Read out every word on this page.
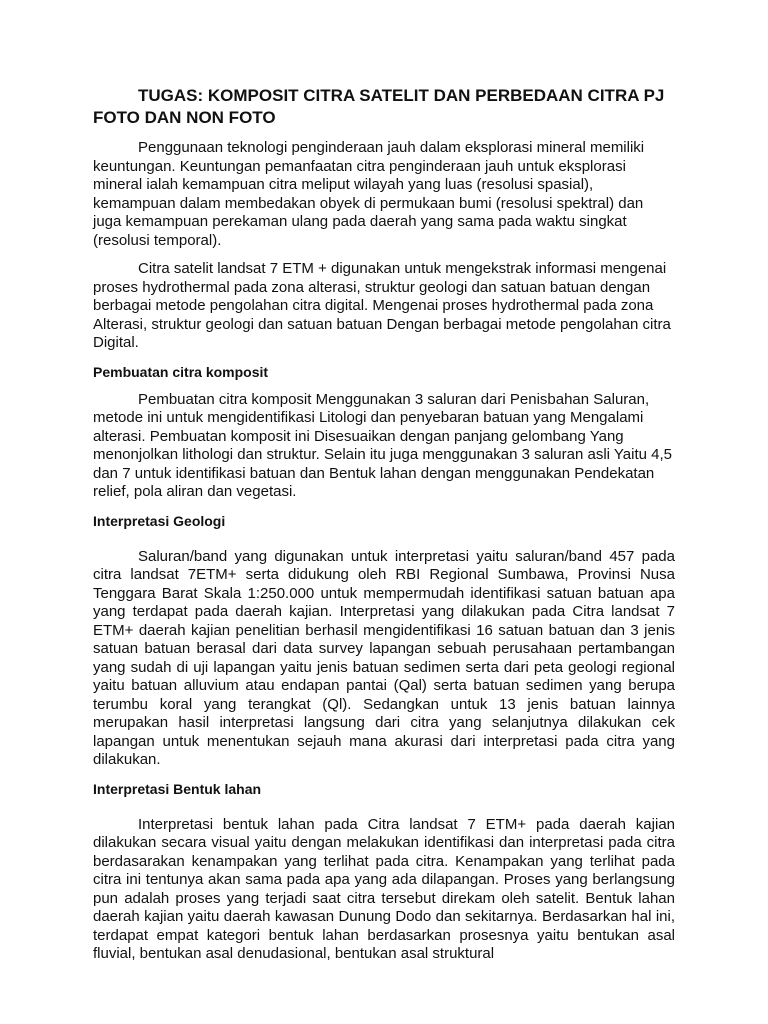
TUGAS: KOMPOSIT CITRA SATELIT DAN PERBEDAAN CITRA PJ FOTO DAN NON FOTO

Penggunaan teknologi penginderaan jauh dalam eksplorasi mineral memiliki keuntungan. Keuntungan pemanfaatan citra penginderaan jauh untuk eksplorasi mineral ialah kemampuan citra meliput wilayah yang luas (resolusi spasial), kemampuan dalam membedakan obyek di permukaan bumi (resolusi spektral) dan juga kemampuan perekaman ulang pada daerah yang sama pada waktu singkat (resolusi temporal).

Citra satelit landsat 7 ETM + digunakan untuk mengekstrak informasi mengenai proses hydrothermal pada zona alterasi, struktur geologi dan satuan batuan dengan berbagai metode pengolahan citra digital. Mengenai proses hydrothermal pada zona Alterasi, struktur geologi dan satuan batuan Dengan berbagai metode pengolahan citra Digital.

Pembuatan citra komposit

Pembuatan citra komposit Menggunakan 3 saluran dari Penisbahan Saluran, metode ini untuk mengidentifikasi Litologi dan penyebaran batuan yang Mengalami alterasi. Pembuatan komposit ini Disesuaikan dengan panjang gelombang Yang menonjolkan lithologi dan struktur. Selain itu juga menggunakan 3 saluran asli Yaitu 4,5 dan 7 untuk identifikasi batuan dan Bentuk lahan dengan menggunakan Pendekatan relief, pola aliran dan vegetasi.

Interpretasi Geologi

Saluran/band yang digunakan untuk interpretasi yaitu saluran/band 457 pada citra landsat 7ETM+ serta didukung oleh RBI Regional Sumbawa, Provinsi Nusa Tenggara Barat Skala 1:250.000 untuk mempermudah identifikasi satuan batuan apa yang terdapat pada daerah kajian. Interpretasi yang dilakukan pada Citra landsat 7 ETM+ daerah kajian penelitian berhasil mengidentifikasi 16 satuan batuan dan 3 jenis satuan batuan berasal dari data survey lapangan sebuah perusahaan pertambangan yang sudah di uji lapangan yaitu jenis batuan sedimen serta dari peta geologi regional yaitu batuan alluvium atau endapan pantai (Qal) serta batuan sedimen yang berupa terumbu koral yang terangkat (Ql). Sedangkan untuk 13 jenis batuan lainnya merupakan hasil interpretasi langsung dari citra yang selanjutnya dilakukan cek lapangan untuk menentukan sejauh mana akurasi dari interpretasi pada citra yang dilakukan.

Interpretasi Bentuk lahan

Interpretasi bentuk lahan pada Citra landsat 7 ETM+ pada daerah kajian dilakukan secara visual yaitu dengan melakukan identifikasi dan interpretasi pada citra berdasarakan kenampakan yang terlihat pada citra. Kenampakan yang terlihat pada citra ini tentunya akan sama pada apa yang ada dilapangan. Proses yang berlangsung pun adalah proses yang terjadi saat citra tersebut direkam oleh satelit. Bentuk lahan daerah kajian yaitu daerah kawasan Dunung Dodo dan sekitarnya. Berdasarkan hal ini, terdapat empat kategori bentuk lahan berdasarkan prosesnya yaitu bentukan asal fluvial, bentukan asal denudasional, bentukan asal struktural
